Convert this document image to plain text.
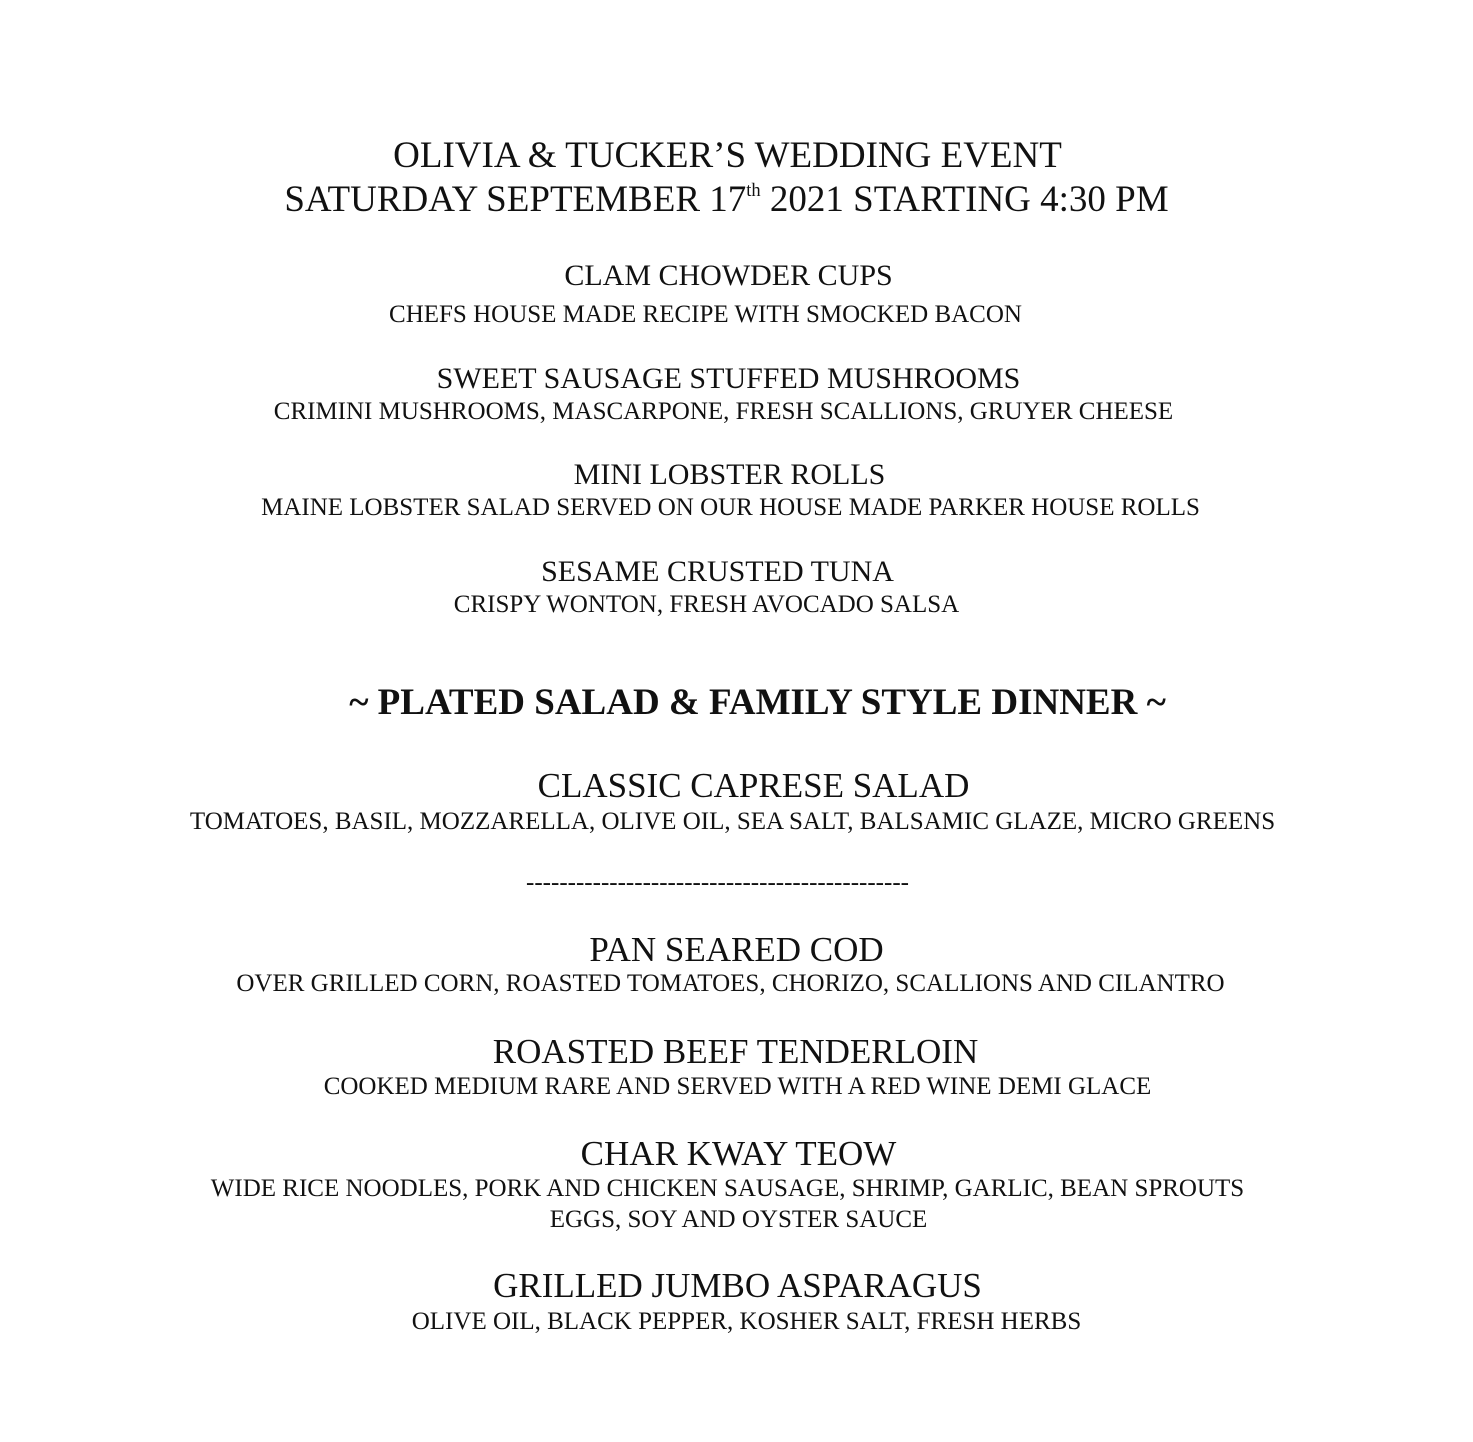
OLIVIA & TUCKER’S WEDDING EVENT
SATURDAY SEPTEMBER 17th 2021 STARTING 4:30 PM
CLAM CHOWDER CUPS
CHEFS HOUSE MADE RECIPE WITH SMOCKED BACON
SWEET SAUSAGE STUFFED MUSHROOMS
CRIMINI MUSHROOMS, MASCARPONE, FRESH SCALLIONS, GRUYER CHEESE
MINI LOBSTER ROLLS
MAINE LOBSTER SALAD SERVED ON OUR HOUSE MADE PARKER HOUSE ROLLS
SESAME CRUSTED TUNA
CRISPY WONTON, FRESH AVOCADO SALSA
~ PLATED SALAD & FAMILY STYLE DINNER ~
CLASSIC CAPRESE SALAD
TOMATOES, BASIL, MOZZARELLA, OLIVE OIL, SEA SALT, BALSAMIC GLAZE, MICRO GREENS
----------------------------------------------
PAN SEARED COD
OVER GRILLED CORN, ROASTED TOMATOES, CHORIZO, SCALLIONS AND CILANTRO
ROASTED BEEF TENDERLOIN
COOKED MEDIUM RARE AND SERVED WITH A RED WINE DEMI GLACE
CHAR KWAY TEOW
WIDE RICE NOODLES, PORK AND CHICKEN SAUSAGE, SHRIMP, GARLIC, BEAN SPROUTS
EGGS, SOY AND OYSTER SAUCE
GRILLED JUMBO ASPARAGUS
OLIVE OIL, BLACK PEPPER, KOSHER SALT, FRESH HERBS
